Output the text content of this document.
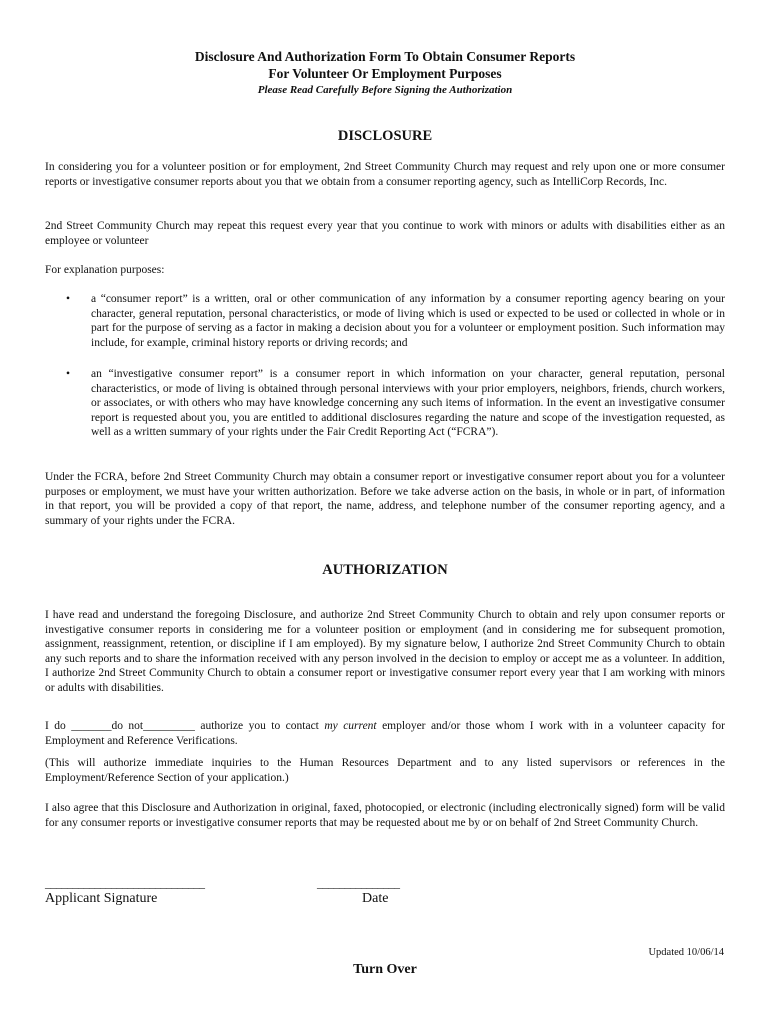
Disclosure And Authorization Form To Obtain Consumer Reports
For Volunteer Or Employment Purposes
Please Read Carefully Before Signing the Authorization
DISCLOSURE
In considering you for a volunteer position or for employment, 2nd Street Community Church may request and rely upon one or more consumer reports or investigative consumer reports about you that we obtain from a consumer reporting agency, such as IntelliCorp Records, Inc.
2nd Street Community Church may repeat this request every year that you continue to work with minors or adults with disabilities either as an employee or volunteer
For explanation purposes:
• a “consumer report” is a written, oral or other communication of any information by a consumer reporting agency bearing on your character, general reputation, personal characteristics, or mode of living which is used or expected to be used or collected in whole or in part for the purpose of serving as a factor in making a decision about you for a volunteer or employment position. Such information may include, for example, criminal history reports or driving records; and
• an “investigative consumer report” is a consumer report in which information on your character, general reputation, personal characteristics, or mode of living is obtained through personal interviews with your prior employers, neighbors, friends, church workers, or associates, or with others who may have knowledge concerning any such items of information. In the event an investigative consumer report is requested about you, you are entitled to additional disclosures regarding the nature and scope of the investigation requested, as well as a written summary of your rights under the Fair Credit Reporting Act (“FCRA”).
Under the FCRA, before 2nd Street Community Church may obtain a consumer report or investigative consumer report about you for a volunteer purposes or employment, we must have your written authorization. Before we take adverse action on the basis, in whole or in part, of information in that report, you will be provided a copy of that report, the name, address, and telephone number of the consumer reporting agency, and a summary of your rights under the FCRA.
AUTHORIZATION
I have read and understand the foregoing Disclosure, and authorize 2nd Street Community Church to obtain and rely upon consumer reports or investigative consumer reports in considering me for a volunteer position or employment (and in considering me for subsequent promotion, assignment, reassignment, retention, or discipline if I am employed). By my signature below, I authorize 2nd Street Community Church to obtain any such reports and to share the information received with any person involved in the decision to employ or accept me as a volunteer. In addition, I authorize 2nd Street Community Church to obtain a consumer report or investigative consumer report every year that I am working with minors or adults with disabilities.
I do _______do not_________ authorize you to contact my current employer and/or those whom I work with in a volunteer capacity for Employment and Reference Verifications.
(This will authorize immediate inquiries to the Human Resources Department and to any listed supervisors or references in the Employment/Reference Section of your application.)
I also agree that this Disclosure and Authorization in original, faxed, photocopied, or electronic (including electronically signed) form will be valid for any consumer reports or investigative consumer reports that may be requested about me by or on behalf of 2nd Street Community Church.
_____________________________
Applicant Signature
_______________
Date
Updated 10/06/14
Turn Over
